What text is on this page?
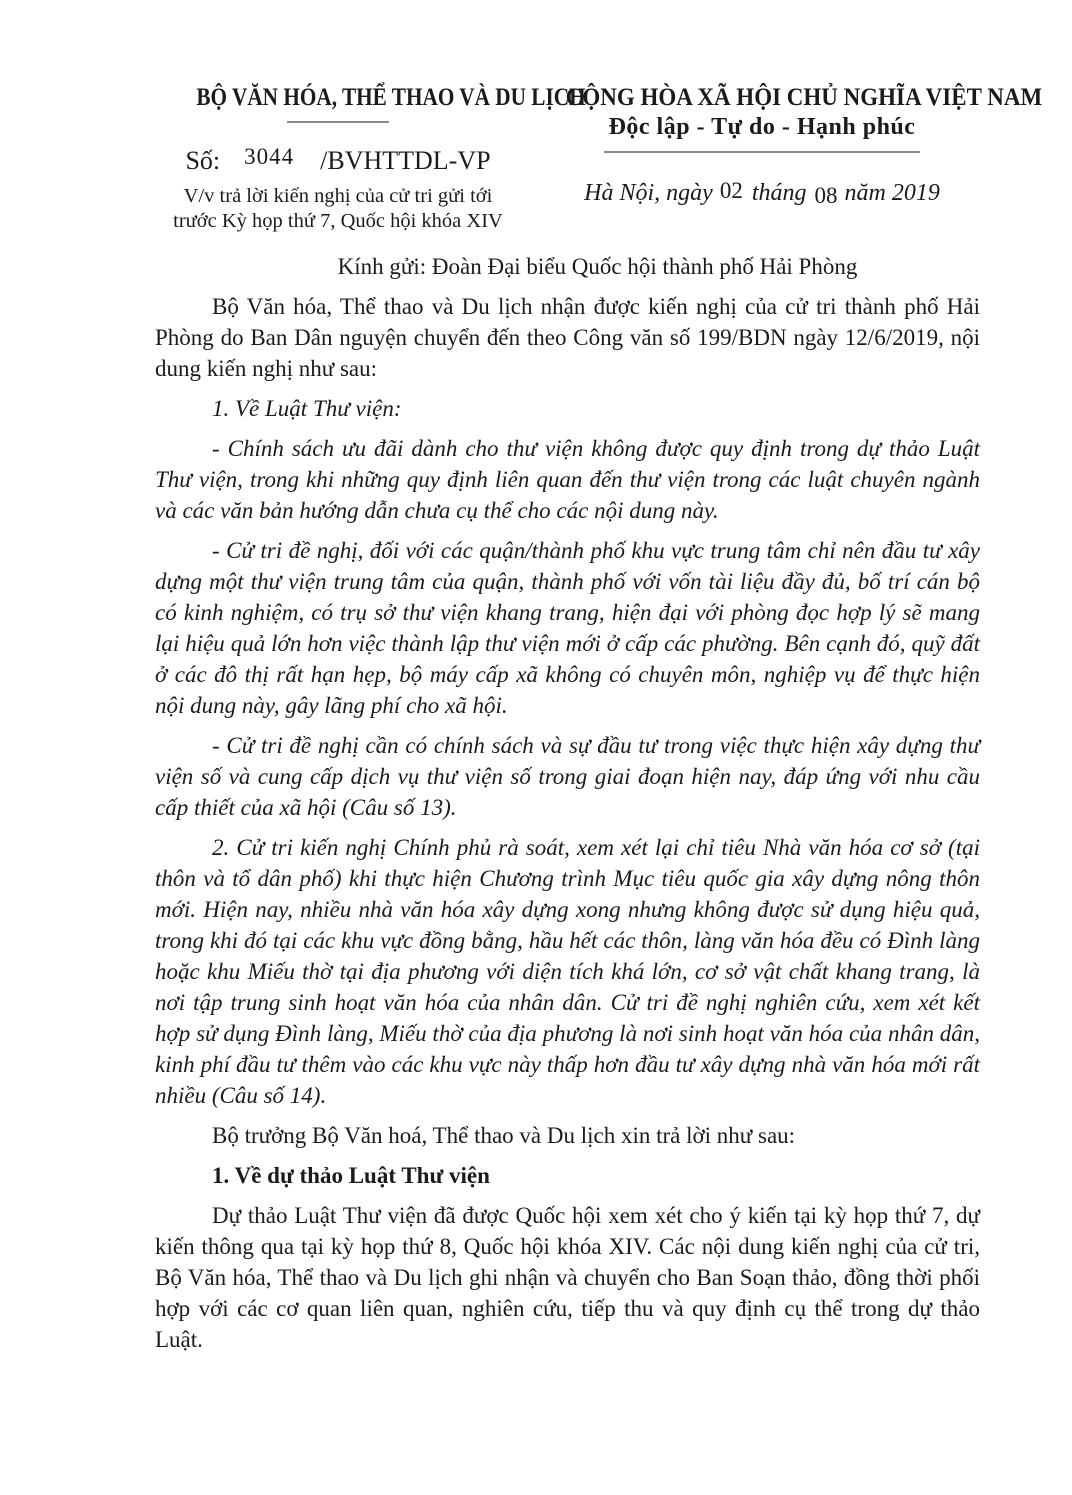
BỘ VĂN HÓA, THỂ THAO VÀ DU LỊCH
Số: 3044 /BVHTTDL-VP
V/v trả lời kiến nghị của cử tri gửi tới
trước Kỳ họp thứ 7, Quốc hội khóa XIV
CỘNG HÒA XÃ HỘI CHỦ NGHĨA VIỆT NAM
Độc lập - Tự do - Hạnh phúc
Hà Nội, ngày 02 tháng 08 năm 2019
Kính gửi: Đoàn Đại biểu Quốc hội thành phố Hải Phòng

Bộ Văn hóa, Thể thao và Du lịch nhận được kiến nghị của cử tri thành phố Hải Phòng do Ban Dân nguyện chuyển đến theo Công văn số 199/BDN ngày 12/6/2019, nội dung kiến nghị như sau:

1. Về Luật Thư viện:

- Chính sách ưu đãi dành cho thư viện không được quy định trong dự thảo Luật Thư viện, trong khi những quy định liên quan đến thư viện trong các luật chuyên ngành và các văn bản hướng dẫn chưa cụ thể cho các nội dung này.

- Cử tri đề nghị, đối với các quận/thành phố khu vực trung tâm chỉ nên đầu tư xây dựng một thư viện trung tâm của quận, thành phố với vốn tài liệu đầy đủ, bố trí cán bộ có kinh nghiệm, có trụ sở thư viện khang trang, hiện đại với phòng đọc hợp lý sẽ mang lại hiệu quả lớn hơn việc thành lập thư viện mới ở cấp các phường. Bên cạnh đó, quỹ đất ở các đô thị rất hạn hẹp, bộ máy cấp xã không có chuyên môn, nghiệp vụ để thực hiện nội dung này, gây lãng phí cho xã hội.

- Cử tri đề nghị cần có chính sách và sự đầu tư trong việc thực hiện xây dựng thư viện số và cung cấp dịch vụ thư viện số trong giai đoạn hiện nay, đáp ứng với nhu cầu cấp thiết của xã hội (Câu số 13).

2. Cử tri kiến nghị Chính phủ rà soát, xem xét lại chỉ tiêu Nhà văn hóa cơ sở (tại thôn và tổ dân phố) khi thực hiện Chương trình Mục tiêu quốc gia xây dựng nông thôn mới. Hiện nay, nhiều nhà văn hóa xây dựng xong nhưng không được sử dụng hiệu quả, trong khi đó tại các khu vực đồng bằng, hầu hết các thôn, làng văn hóa đều có Đình làng hoặc khu Miếu thờ tại địa phương với diện tích khá lớn, cơ sở vật chất khang trang, là nơi tập trung sinh hoạt văn hóa của nhân dân. Cử tri đề nghị nghiên cứu, xem xét kết hợp sử dụng Đình làng, Miếu thờ của địa phương là nơi sinh hoạt văn hóa của nhân dân, kinh phí đầu tư thêm vào các khu vực này thấp hơn đầu tư xây dựng nhà văn hóa mới rất nhiều (Câu số 14).

Bộ trưởng Bộ Văn hoá, Thể thao và Du lịch xin trả lời như sau:

1. Về dự thảo Luật Thư viện

Dự thảo Luật Thư viện đã được Quốc hội xem xét cho ý kiến tại kỳ họp thứ 7, dự kiến thông qua tại kỳ họp thứ 8, Quốc hội khóa XIV. Các nội dung kiến nghị của cử tri, Bộ Văn hóa, Thể thao và Du lịch ghi nhận và chuyển cho Ban Soạn thảo, đồng thời phối hợp với các cơ quan liên quan, nghiên cứu, tiếp thu và quy định cụ thể trong dự thảo Luật.
